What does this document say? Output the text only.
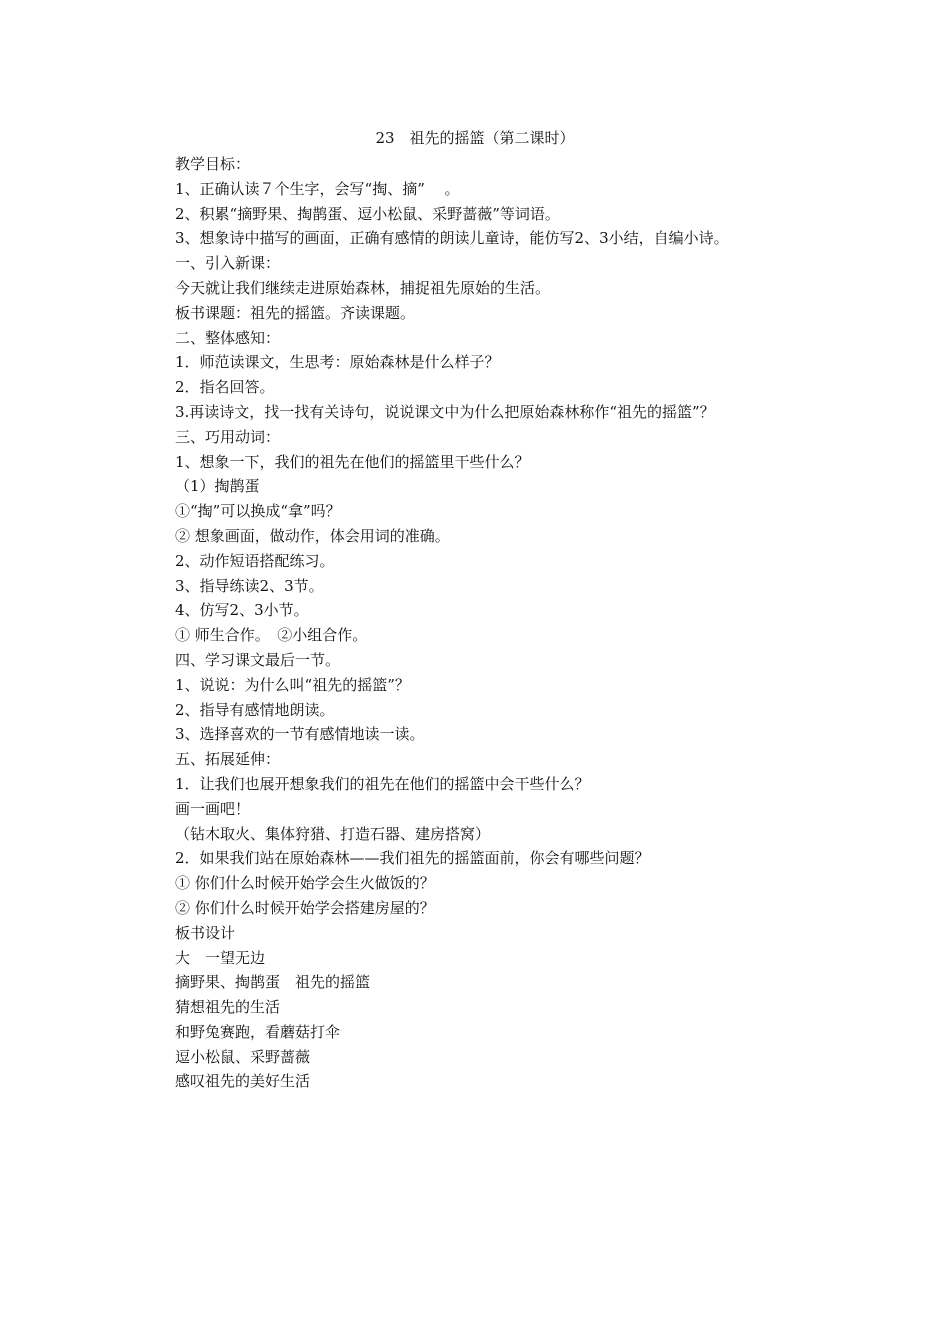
23　祖先的摇篮（第二课时）
教学目标：
1、正确认读７个生字，会写“掏、摘”　 。
2、积累“摘野果、掏鹊蛋、逗小松鼠、采野蔷薇”等词语。
3、想象诗中描写的画面，正确有感情的朗读儿童诗，能仿写2、3小结，自编小诗。
一、引入新课：
今天就让我们继续走进原始森林，捕捉祖先原始的生活。
板书课题：祖先的摇篮。齐读课题。
二、整体感知：
1．师范读课文，生思考：原始森林是什么样子？
2．指名回答。
3.再读诗文，找一找有关诗句，说说课文中为什么把原始森林称作“祖先的摇篮”？
三、巧用动词：
1、想象一下，我们的祖先在他们的摇篮里干些什么？
（1）掏鹊蛋
①“掏”可以换成“拿”吗？
② 想象画面，做动作，体会用词的准确。
2、动作短语搭配练习。
3、指导练读2、3节。
4、仿写2、3小节。
① 师生合作。　②小组合作。
四、学习课文最后一节。
1、说说：为什么叫“祖先的摇篮”？
2、指导有感情地朗读。
3、选择喜欢的一节有感情地读一读。
五、拓展延伸：
1．让我们也展开想象我们的祖先在他们的摇篮中会干些什么？
画一画吧！
（钻木取火、集体狩猎、打造石器、建房搭窝）
2．如果我们站在原始森林——我们祖先的摇篮面前，你会有哪些问题？
① 你们什么时候开始学会生火做饭的？
② 你们什么时候开始学会搭建房屋的？
板书设计
大　一望无边
摘野果、掏鹊蛋　祖先的摇篮
猜想祖先的生活
和野兔赛跑，看蘑菇打伞
逗小松鼠、采野蔷薇
感叹祖先的美好生活
